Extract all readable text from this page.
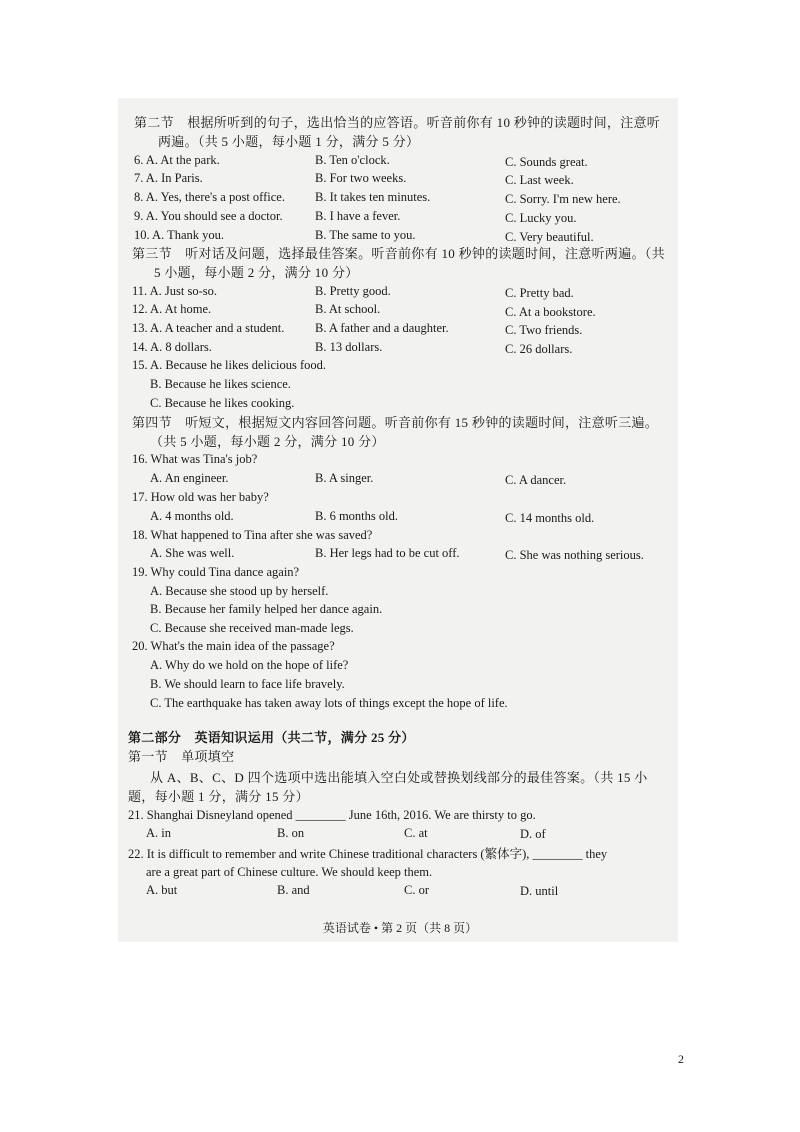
第二节　根据所听到的句子，选出恰当的应答语。听音前你有 10 秒钟的读题时间，注意听
两遍。（共 5 小题，每小题 1 分，满分 5 分）
6. A. At the park.	B. Ten o'clock.	C. Sounds great.
7. A. In Paris.	B. For two weeks.	C. Last week.
8. A. Yes, there's a post office. B. It takes ten minutes.	C. Sorry. I'm new here.
9. A. You should see a doctor.	B. I have a fever.	C. Lucky you.
10. A. Thank you.	B. The same to you.	C. Very beautiful.
第三节　听对话及问题，选择最佳答案。听音前你有 10 秒钟的读题时间，注意听两遍。（共
5 小题，每小题 2 分，满分 10 分）
11. A. Just so-so.	B. Pretty good.	C. Pretty bad.
12. A. At home.	B. At school.	C. At a bookstore.
13. A. A teacher and a student. B. A father and a daughter.	C. Two friends.
14. A. 8 dollars.	B. 13 dollars.	C. 26 dollars.
15. A. Because he likes delicious food.
B. Because he likes science.
C. Because he likes cooking.
第四节　听短文，根据短文内容回答问题。听音前你有 15 秒钟的读题时间，注意听三遍。
（共 5 小题，每小题 2 分，满分 10 分）
16. What was Tina's job?
A. An engineer.	B. A singer.	C. A dancer.
17. How old was her baby?
A. 4 months old.	B. 6 months old.	C. 14 months old.
18. What happened to Tina after she was saved?
A. She was well.	B. Her legs had to be cut off.	C. She was nothing serious.
19. Why could Tina dance again?
A. Because she stood up by herself.
B. Because her family helped her dance again.
C. Because she received man-made legs.
20. What's the main idea of the passage?
A. Why do we hold on the hope of life?
B. We should learn to face life bravely.
C. The earthquake has taken away lots of things except the hope of life.
第二部分　英语知识运用（共二节，满分 25 分）
第一节　单项填空
从 A、B、C、D 四个选项中选出能填入空白处或替换划线部分的最佳答案。（共 15 小
题，每小题 1 分，满分 15 分）
21. Shanghai Disneyland opened ________ June 16th, 2016. We are thirsty to go.
A. in	B. on	C. at	D. of
22. It is difficult to remember and write Chinese traditional characters (繁体字), ________ they
are a great part of Chinese culture. We should keep them.
A. but	B. and	C. or	D. until
英语试卷 • 第 2 页（共 8 页）
2
